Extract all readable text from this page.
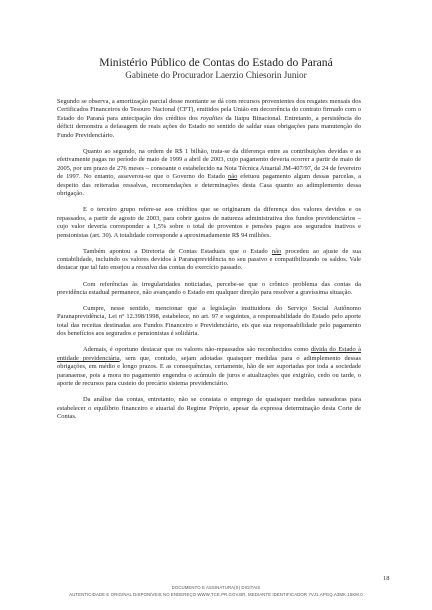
Ministério Público de Contas do Estado do Paraná
Gabinete do Procurador Laerzio Chiesorin Junior

Segundo se observa, a amortização parcial desse montante se dá com recursos provenientes dos resgates mensais dos Certificados Financeiros do Tesouro Nacional (CFT), emitidos pela União em decorrência do contrato firmado com o Estado do Paraná para antecipação dos créditos dos royalties da Itaipu Binacional. Entretanto, a persistência do déficit demonstra a defasagem de reais ações do Estado no sentido de saldar suas obrigações para manutenção do Fundo Previdenciário.

Quanto ao segundo, na ordem de R$ 1 bilhão, trata-se da diferença entre as contribuições devidas e as efetivamente pagas no período de maio de 1999 a abril de 2003, cujo pagamento deveria ocorrer a partir de maio de 2005, por um prazo de 276 meses – consoante o estabelecido na Nota Técnica Atuarial JM-407/97, de 24 de fevereiro de 1997. No entanto, asseverou-se que o Governo do Estado não efetuou pagamento algum dessas parcelas, a despeito das reiteradas ressalvas, recomendações e determinações desta Casa quanto ao adimplemento dessa obrigação.

E o terceiro grupo refere-se aos créditos que se originaram da diferença dos valores devidos e os repassados, a partir de agosto de 2003, para cobrir gastos de natureza administrativa dos fundos previdenciários – cujo valor deveria corresponder a 1,5% sobre o total de proventos e pensões pagos aos segurados inativos e pensionistas (art. 30). A totalidade corresponde a aproximadamente R$ 94 milhões.

Também apontou a Diretoria de Contas Estaduais que o Estado não procedeu ao ajuste de sua contabilidade, incluindo os valores devidos à Paranaprevidência no seu passivo e compatibilizando os saldos. Vale destacar que tal fato ensejou a ressalva das contas do exercício passado.

Com referências às irregularidades noticiadas, percebe-se que o crônico problema das contas da previdência estadual permanece, não avançando o Estado em qualquer direção para resolver a gravíssima situação.

Cumpre, nesse sentido, mencionar que a legislação instituidora do Serviço Social Autônomo Paranaprevidência, Lei nº 12.398/1998, estabelece, no art. 97 e seguintes, a responsabilidade do Estado pelo aporte total das receitas destinadas aos Fundos Financeiro e Previdenciário, eis que sua responsabilidade pelo pagamento dos benefícios aos segurados e pensionistas é solidária.

Ademais, é oportuno destacar que os valores não-repassados são reconhecidos como dívida do Estado à entidade previdenciária, sem que, contudo, sejam adotadas quaisquer medidas para o adimplemento dessas obrigações, em médio e longo prazos. E as consequências, certamente, hão de ser suportadas por toda a sociedade paranaense, pois a mora no pagamento engendra o acúmulo de juros e atualizações que exigirão, cedo ou tarde, o aporte de recursos para custeio do precário sistema previdenciário.

Da análise das contas, entretanto, não se constata o emprego de quaisquer medidas saneadoras para estabelecer o equilíbrio financeiro e atuarial do Regime Próprio, apesar da expressa determinação desta Corte de Contas.

18
DOCUMENTO E ASSINATURA(S) DIGITAIS
AUTENTICIDADE E ORIGINAL DISPONÍVEIS NO ENDEREÇO WWW.TCE.PR.GOV.BR, MEDIANTE IDENTIFICADOR 7VJ1.APGQ.A3MK.15KM.0
